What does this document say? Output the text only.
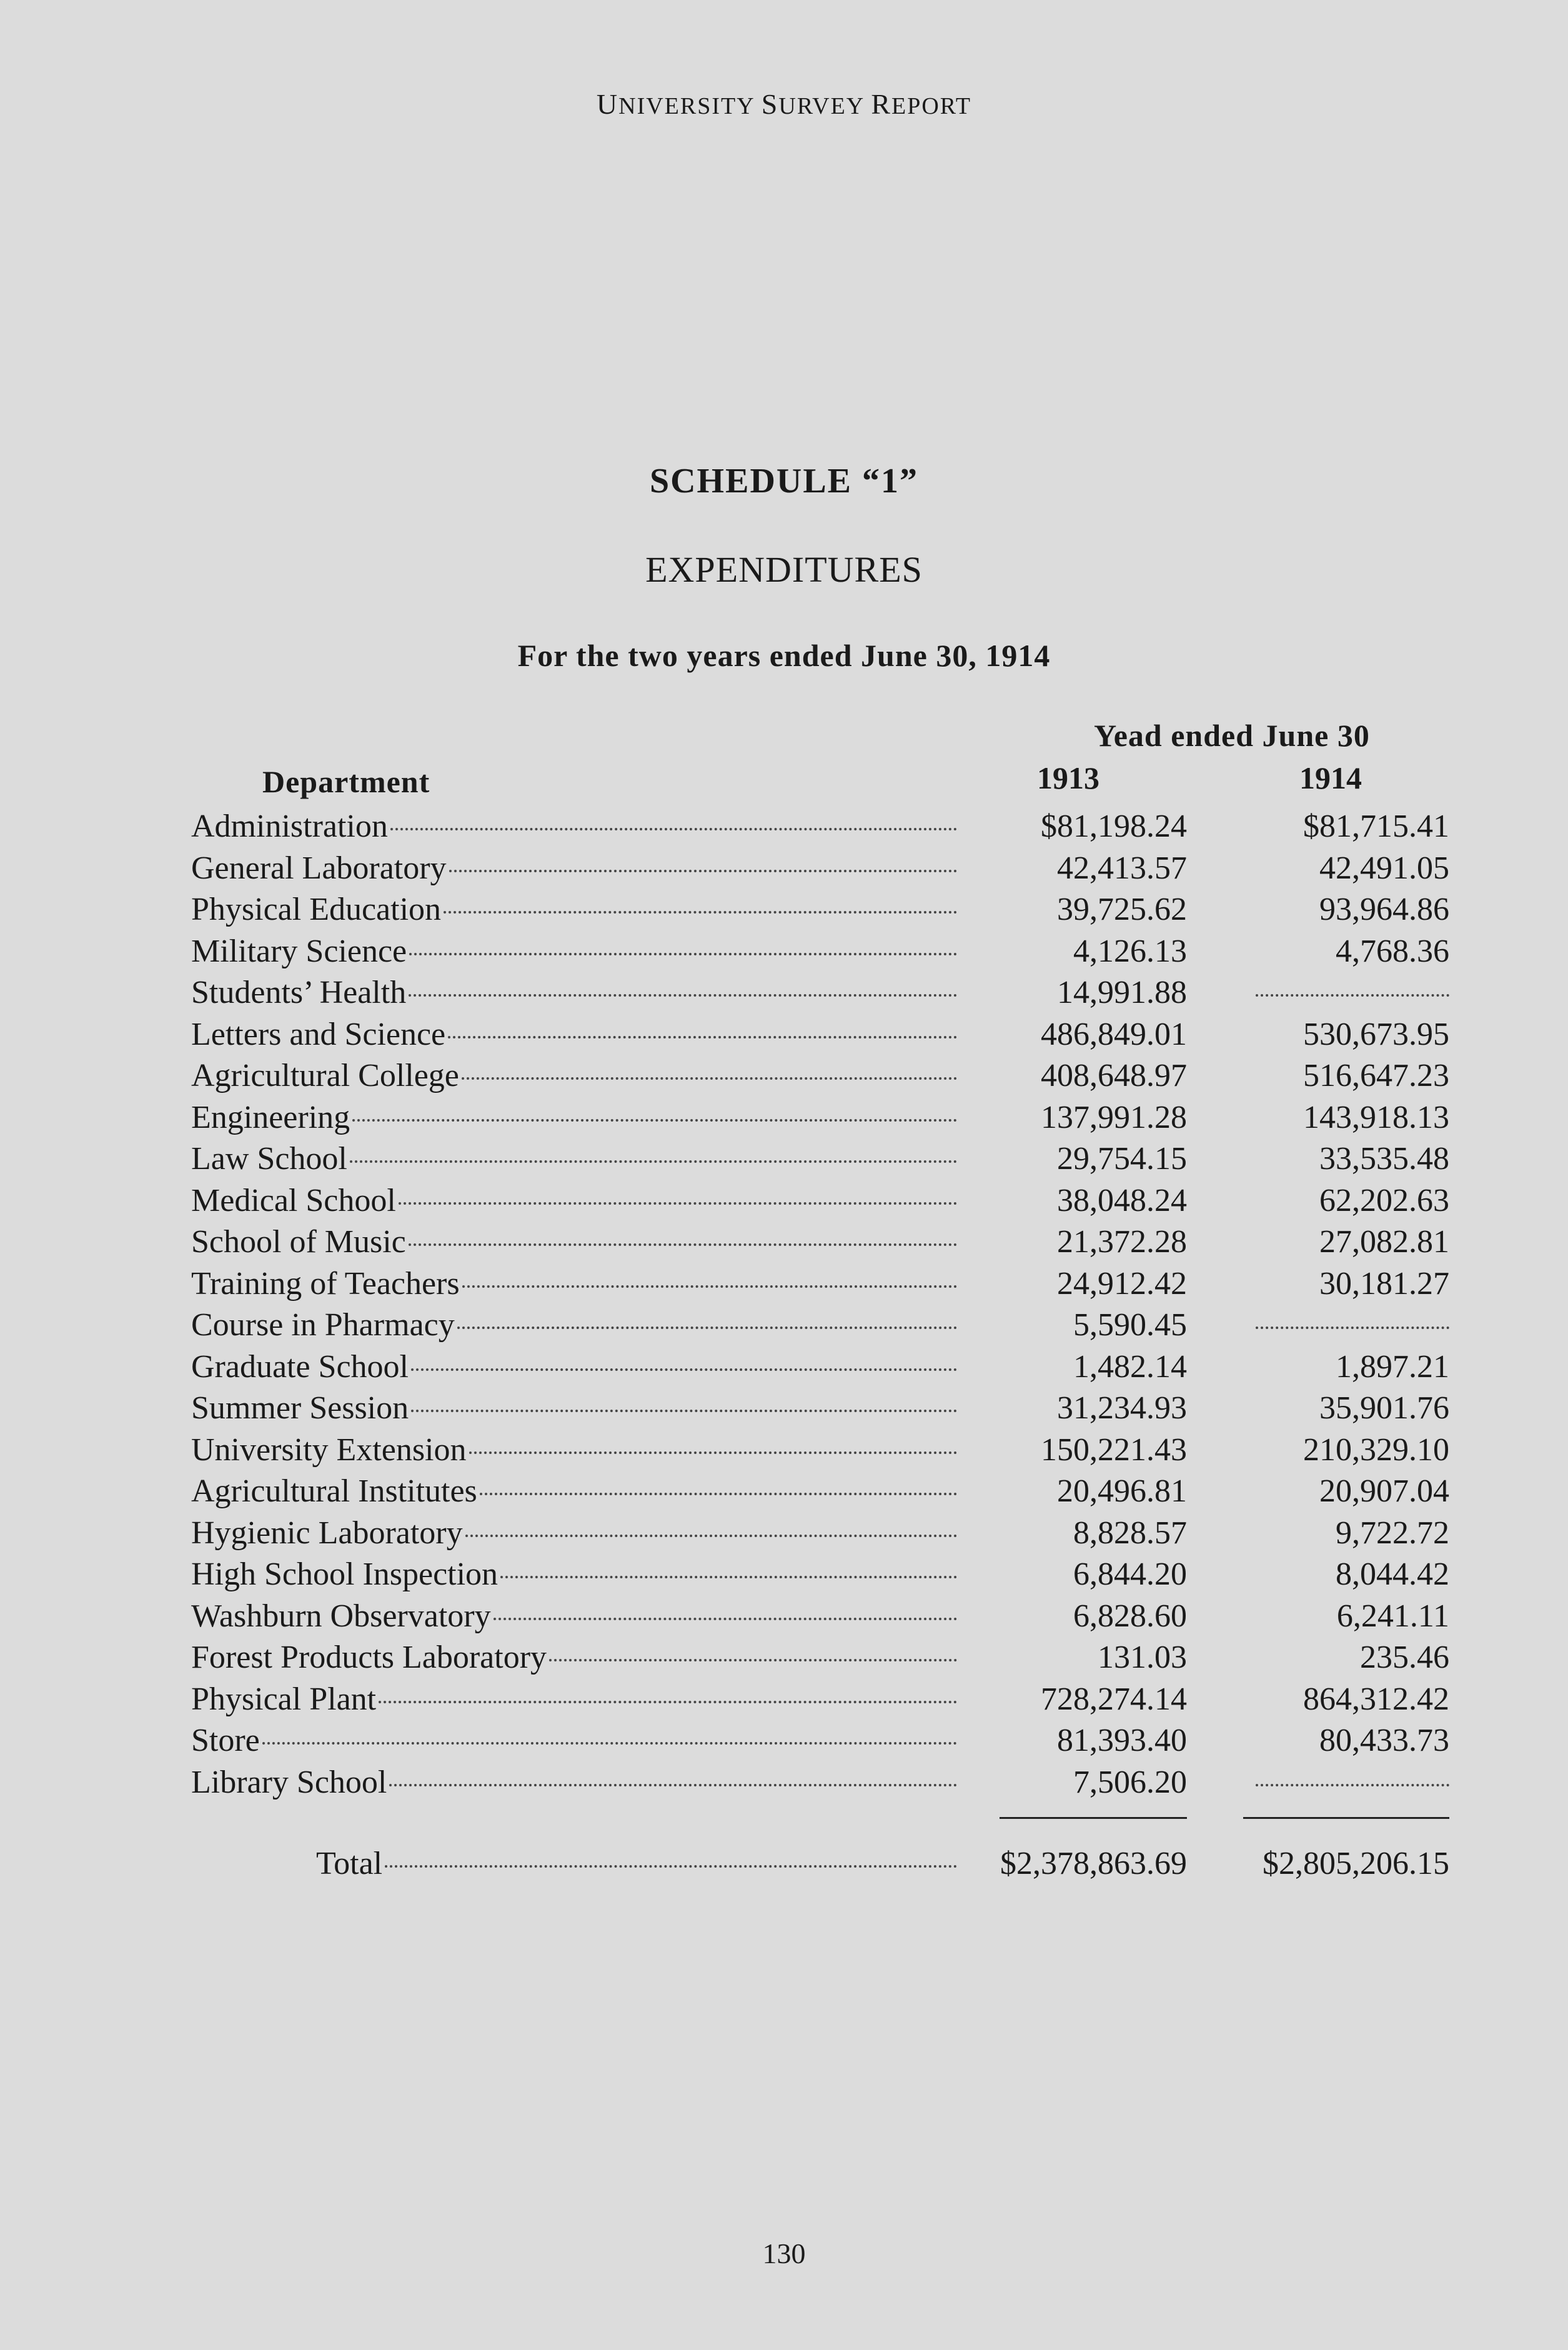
UNIVERSITY SURVEY REPORT
SCHEDULE “1”
EXPENDITURES
For the two years ended June 30, 1914
Yead ended June 30
Department	1913	1914
Administration	$81,198.24	$81,715.41
General Laboratory	42,413.57	42,491.05
Physical Education	39,725.62	93,964.86
Military Science	4,126.13	4,768.36
Students’ Health	14,991.88
Letters and Science	486,849.01	530,673.95
Agricultural College	408,648.97	516,647.23
Engineering	137,991.28	143,918.13
Law School	29,754.15	33,535.48
Medical School	38,048.24	62,202.63
School of Music	21,372.28	27,082.81
Training of Teachers	24,912.42	30,181.27
Course in Pharmacy	5,590.45
Graduate School	1,482.14	1,897.21
Summer Session	31,234.93	35,901.76
University Extension	150,221.43	210,329.10
Agricultural Institutes	20,496.81	20,907.04
Hygienic Laboratory	8,828.57	9,722.72
High School Inspection	6,844.20	8,044.42
Washburn Observatory	6,828.60	6,241.11
Forest Products Laboratory	131.03	235.46
Physical Plant	728,274.14	864,312.42
Store	81,393.40	80,433.73
Library School	7,506.20
Total	$2,378,863.69	$2,805,206.15
130
